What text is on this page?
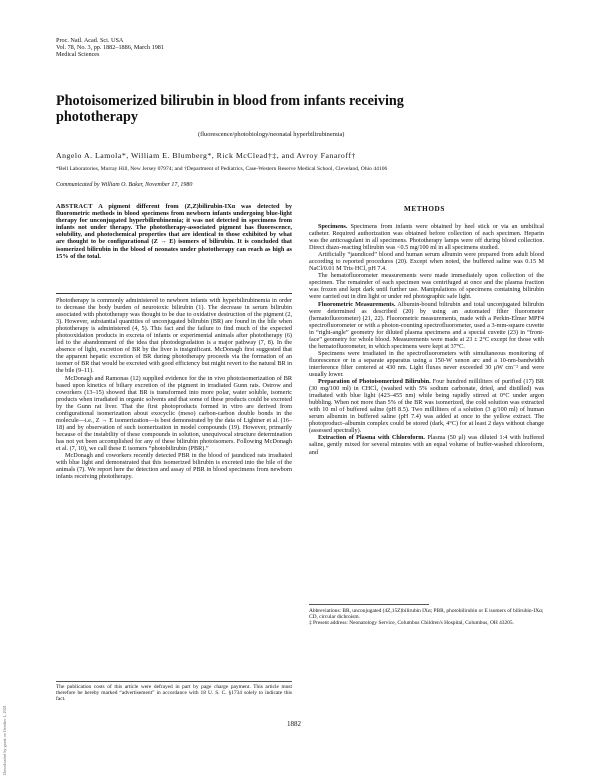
Proc. Natl. Acad. Sci. USA
Vol. 78, No. 3, pp. 1882–1886, March 1981
Medical Sciences
Photoisomerized bilirubin in blood from infants receiving phototherapy
(fluorescence/photobiology/neonatal hyperbilirubinemia)
Angelo A. Lamola*, William E. Blumberg*, Rick McClead†‡, and Avroy Fanaroff†
*Bell Laboratories, Murray Hill, New Jersey 07974; and †Department of Pediatrics, Case-Western Reserve Medical School, Cleveland, Ohio 44106
Communicated by William O. Baker, November 17, 1980
ABSTRACT A pigment different from (Z,Z)bilirubin-IXα was detected by fluorometric methods in blood specimens from newborn infants undergoing blue-light therapy for unconjugated hyperbilirubinemia; it was not detected in specimens from infants not under therapy. The phototherapy-associated pigment has fluorescence, solubility, and photochemical properties that are identical to those exhibited by what are thought to be configurational (Z → E) isomers of bilirubin. It is concluded that isomerized bilirubin in the blood of neonates under phototherapy can reach as high as 15% of the total.

Phototherapy is commonly administered to newborn infants with hyperbilirubinemia in order to decrease the body burden of neurotoxic bilirubin (1). The decrease in serum bilirubin associated with phototherapy was thought to be due to oxidative destruction of the pigment (2, 3). However, substantial quantities of unconjugated bilirubin (BR) are found in the bile when phototherapy is administered (4, 5). This fact and the failure to find much of the expected photooxidation products in excreta of infants or experimental animals after phototherapy (6) led to the abandonment of the idea that photodegradation is a major pathway (7, 8). In the absence of light, excretion of BR by the liver is insignificant. McDonagh first suggested that the apparent hepatic excretion of BR during phototherapy proceeds via the formation of an isomer of BR that would be excreted with good efficiency but might revert to the natural BR in the bile (9–11).

McDonagh and Ramonas (12) supplied evidence for the in vivo photoisomerization of BR based upon kinetics of biliary excretion of the pigment in irradiated Gunn rats. Ostrow and coworkers (13–15) showed that BR is transformed into more polar, water soluble, isomeric products when irradiated in organic solvents and that some of these products could be excreted by the Gunn rat liver. That the first photoproducts formed in vitro are derived from configurational isomerization about exocyclic (meso) carbon-carbon double bonds in the molecule—i.e., Z → E isomerization—is best demonstrated by the data of Lightner et al. (16–18) and by observation of such isomerization in model compounds (19). However, primarily because of the instability of these compounds in solution, unequivocal structure determination has not yet been accomplished for any of these bilirubin photoisomers. Following McDonagh et al. (7, 10), we call these E isomers “photobilirubin (PBR).”

McDonagh and coworkers recently detected PBR in the blood of jaundiced rats irradiated with blue light and demonstrated that this isomerized bilirubin is excreted into the bile of the animals (7). We report here the detection and assay of PBR in blood specimens from newborn infants receiving phototherapy.

The publication costs of this article were defrayed in part by page charge payment. This article must therefore be hereby marked “advertisement” in accordance with 18 U. S. C. §1734 solely to indicate this fact.
METHODS

Specimens. Specimens from infants were obtained by heel stick or via an umbilical catheter. Required authorization was obtained before collection of each specimen. Heparin was the anticoagulant in all specimens. Phototherapy lamps were off during blood collection. Direct diazo-reacting bilirubin was <0.5 mg/100 ml in all specimens studied.

Artificially “jaundiced” blood and human serum albumin were prepared from adult blood according to reported procedures (20). Except when noted, the buffered saline was 0.15 M NaCl/0.01 M Tris·HCl, pH 7.4.

The hematofluorometer measurements were made immediately upon collection of the specimen. The remainder of each specimen was centrifuged at once and the plasma fraction was frozen and kept dark until further use. Manipulations of specimens containing bilirubin were carried out in dim light or under red photographic safe light.

Fluorometric Measurements. Albumin-bound bilirubin and total unconjugated bilirubin were determined as described (20) by using an automated filter fluorometer (hematofluorometer) (21, 22). Fluorometric measurements, made with a Perkin-Elmer MPF4 spectrofluorometer or with a photon-counting spectrofluorometer, used a 3-mm-square cuvette in “right-angle” geometry for diluted plasma specimens and a special cuvette (23) in “front-face” geometry for whole blood. Measurements were made at 23 ± 2°C except for those with the hematofluorometer, in which specimens were kept at 37°C.

Specimens were irradiated in the spectrofluorometers with simultaneous monitoring of fluorescence or in a separate apparatus using a 150-W xenon arc and a 10-nm-bandwidth interference filter centered at 430 nm. Light fluxes never exceeded 30 μW cm⁻² and were usually lower.

Preparation of Photoisomerized Bilirubin. Four hundred milliliters of purified (17) BR (30 mg/100 ml) in CHCl₃ (washed with 5% sodium carbonate, dried, and distilled) was irradiated with blue light (423–455 nm) while being rapidly stirred at 0°C under argon bubbling. When not more than 5% of the BR was isomerized, the cold solution was extracted with 10 ml of buffered saline (pH 8.5). Two milliliters of a solution (3 g/100 ml) of human serum albumin in buffered saline (pH 7.4) was added at once to the yellow extract. The photoproduct–albumin complex could be stored (dark, 4°C) for at least 2 days without change (assessed spectrally).

Extraction of Plasma with Chloroform. Plasma (50 μl) was diluted 1:4 with buffered saline, gently mixed for several minutes with an equal volume of buffer-washed chloroform, and

Abbreviations: BR, unconjugated (4Z,15Z)bilirubin IXα; PBR, photobilirubin or E isomers of bilirubin-IXα; CD, circular dichroism.
‡ Present address: Neonatology Service, Columbus Children's Hospital, Columbus, OH 43205.
1882
Downloaded by guest on October 1, 2021
